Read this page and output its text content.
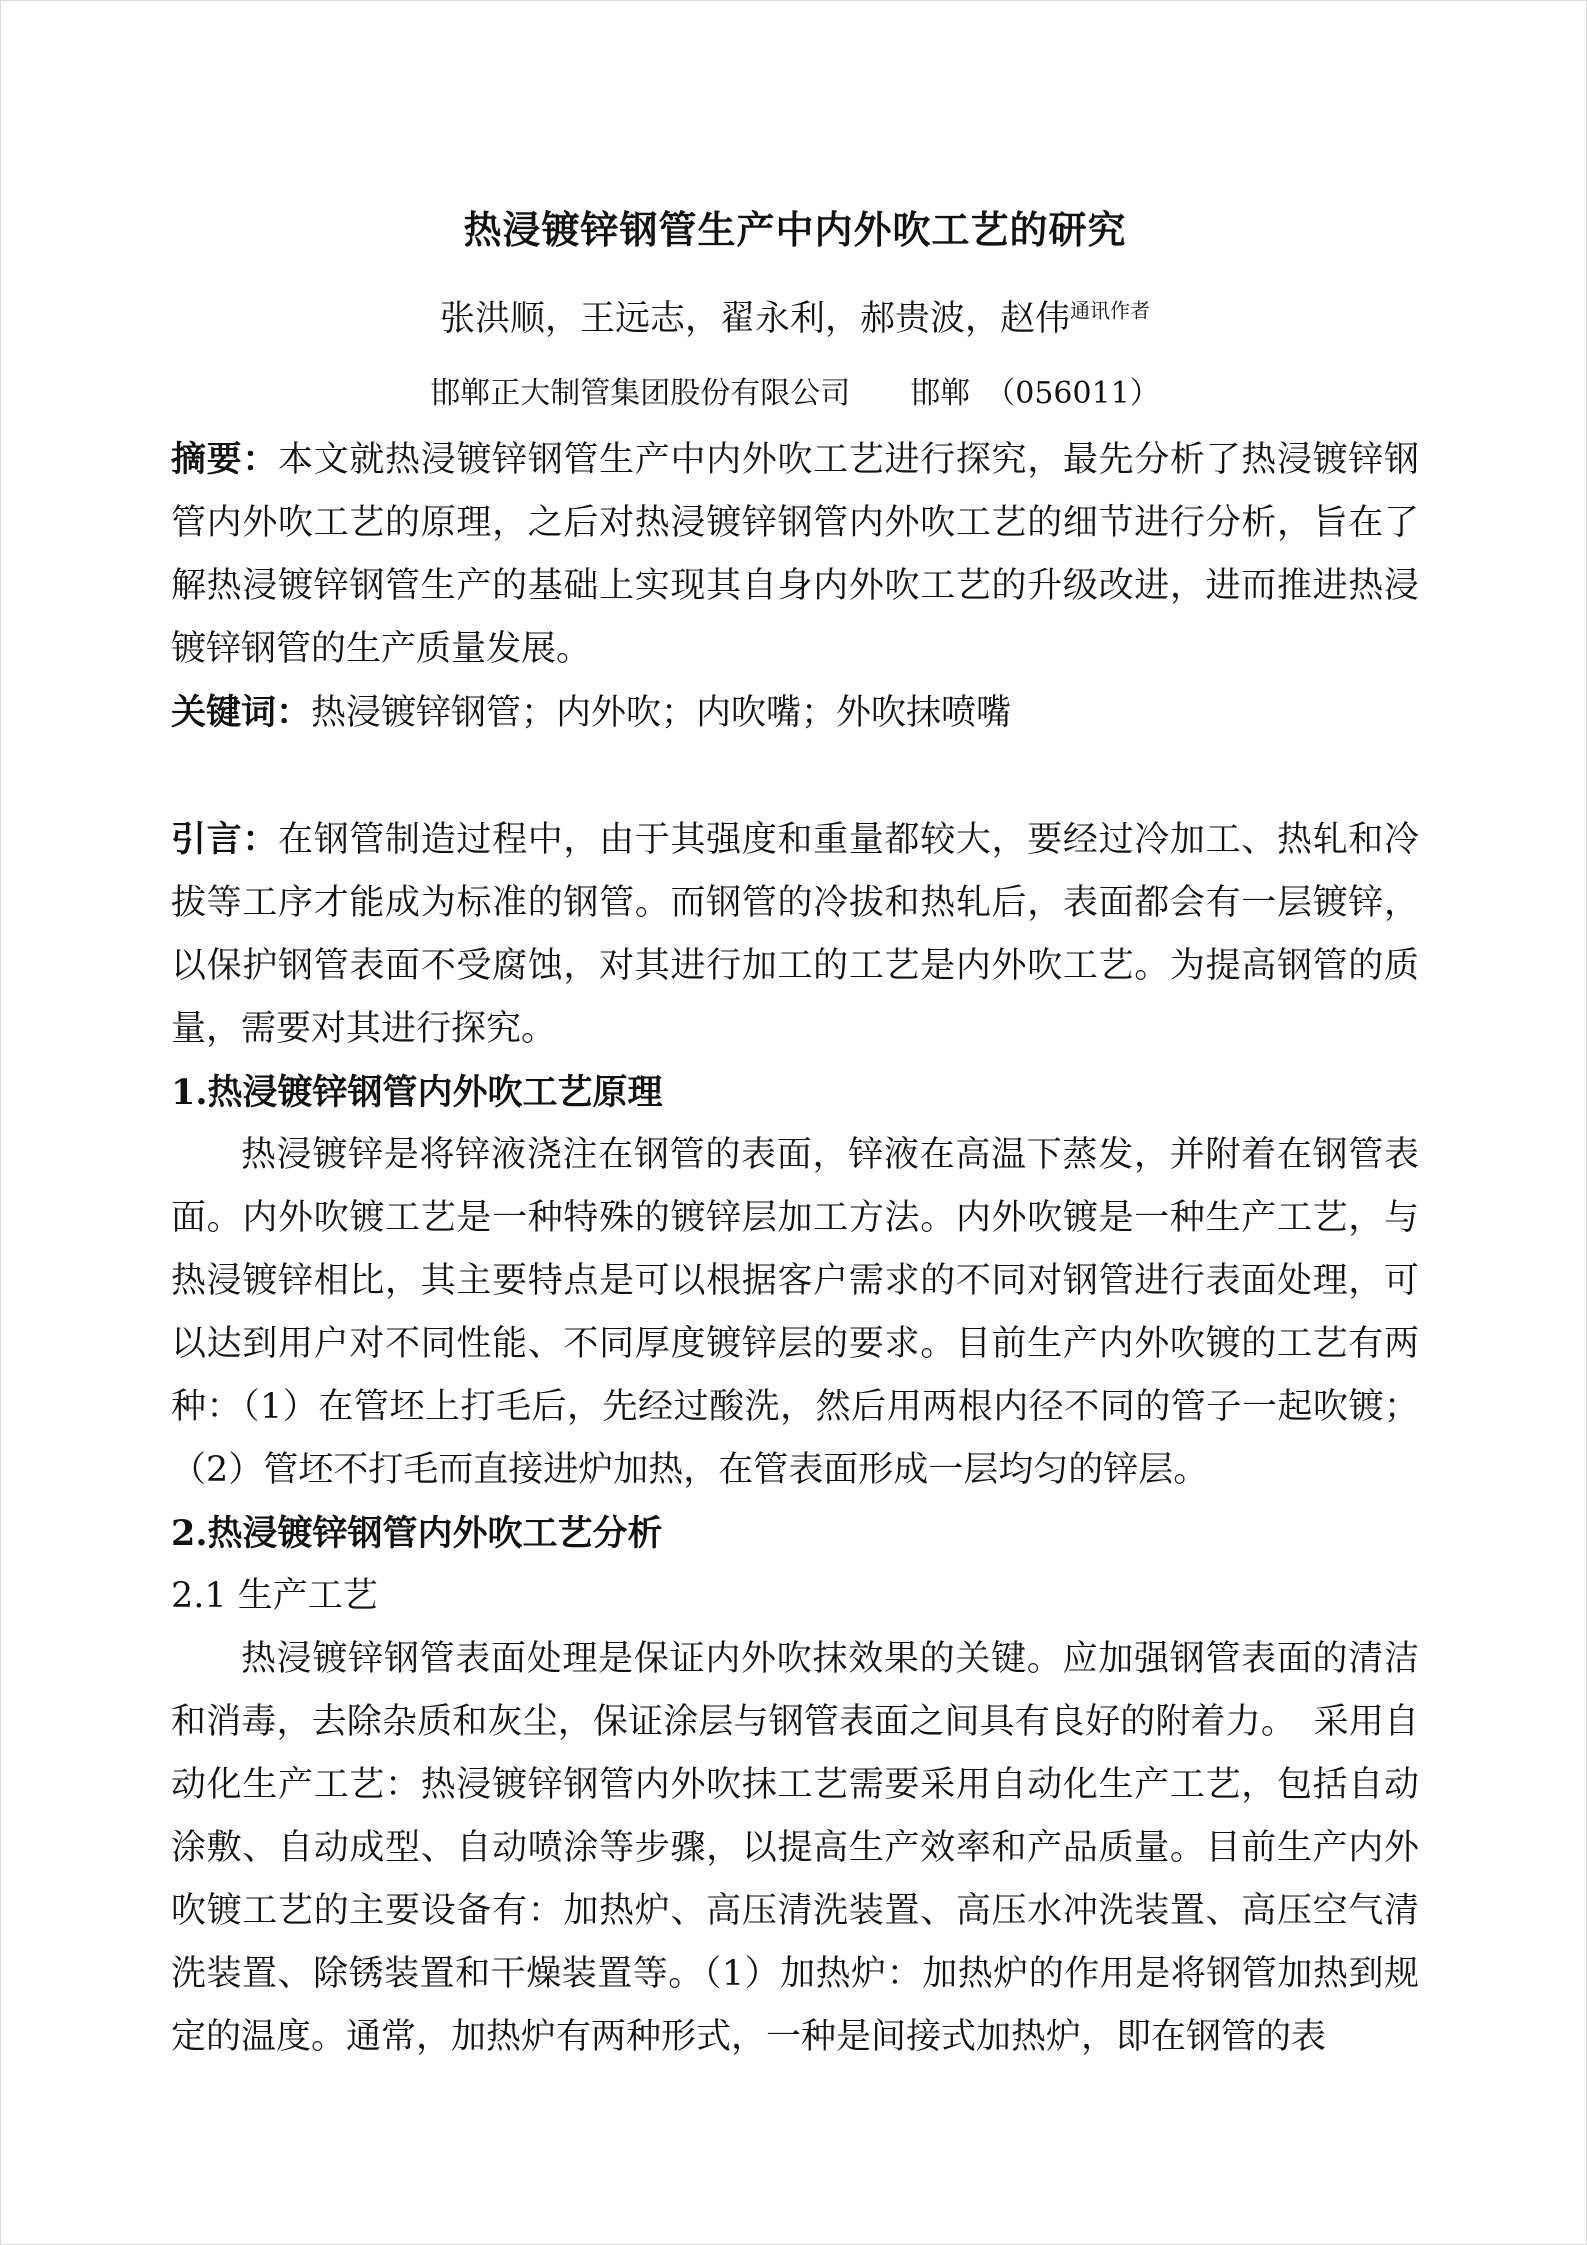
热浸镀锌钢管生产中内外吹工艺的研究
张洪顺，王远志，翟永利，郝贵波，赵伟$^{通讯作者}$
邯郸正大制管集团股份有限公司　　邯郸　（056011）

摘要：本文就热浸镀锌钢管生产中内外吹工艺进行探究，最先分析了热浸镀锌钢管内外吹工艺的原理，之后对热浸镀锌钢管内外吹工艺的细节进行分析，旨在了解热浸镀锌钢管生产的基础上实现其自身内外吹工艺的升级改进，进而推进热浸镀锌钢管的生产质量发展。

关键词：热浸镀锌钢管；内外吹；内吹嘴；外吹抹喷嘴

引言：在钢管制造过程中，由于其强度和重量都较大，要经过冷加工、热轧和冷拔等工序才能成为标准的钢管。而钢管的冷拔和热轧后，表面都会有一层镀锌，以保护钢管表面不受腐蚀，对其进行加工的工艺是内外吹工艺。为提高钢管的质量，需要对其进行探究。

1.热浸镀锌钢管内外吹工艺原理

热浸镀锌是将锌液浇注在钢管的表面，锌液在高温下蒸发，并附着在钢管表面。内外吹镀工艺是一种特殊的镀锌层加工方法。内外吹镀是一种生产工艺，与热浸镀锌相比，其主要特点是可以根据客户需求的不同对钢管进行表面处理，可以达到用户对不同性能、不同厚度镀锌层的要求。目前生产内外吹镀的工艺有两种：（1）在管坯上打毛后，先经过酸洗，然后用两根内径不同的管子一起吹镀；（2）管坯不打毛而直接进炉加热，在管表面形成一层均匀的锌层。

2.热浸镀锌钢管内外吹工艺分析
2.1 生产工艺

热浸镀锌钢管表面处理是保证内外吹抹效果的关键。应加强钢管表面的清洁和消毒，去除杂质和灰尘，保证涂层与钢管表面之间具有良好的附着力。　采用自动化生产工艺：热浸镀锌钢管内外吹抹工艺需要采用自动化生产工艺，包括自动涂敷、自动成型、自动喷涂等步骤，以提高生产效率和产品质量。目前生产内外吹镀工艺的主要设备有：加热炉、高压清洗装置、高压水冲洗装置、高压空气清洗装置、除锈装置和干燥装置等。（1）加热炉：加热炉的作用是将钢管加热到规定的温度。通常，加热炉有两种形式，一种是间接式加热炉，即在钢管的表
